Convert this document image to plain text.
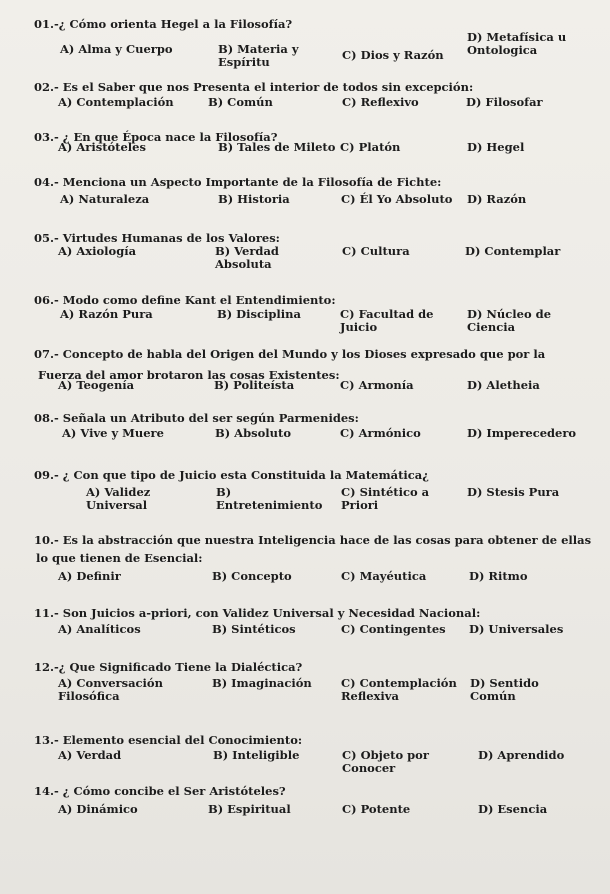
01.-¿ Cómo orienta Hegel a la Filosofía?
A) Alma y Cuerpo	B) Materia y
Espíritu	C) Dios y Razón
D) Metafísica u
Ontologica
02.- Es el Saber que nos Presenta el interior de todos sin excepción:
A) Contemplación	B) Común	C) Reflexivo	D) Filosofar
03.- ¿ En que Época nace la Filosofía?
A) Aristóteles	B) Tales de Mileto C) Platón	D) Hegel
04.- Menciona un Aspecto Importante de la Filosofía de Fichte:
A) Naturaleza	B) Historia	C) Él Yo Absoluto D) Razón
05.- Virtudes Humanas de los Valores:
A) Axiología	B) Verdad
Absoluta
C) Cultura	D) Contemplar
06.- Modo como define Kant el Entendimiento:
A) Razón Pura	B) Disciplina	C) Facultad de
Juicio
D) Núcleo de
Ciencia
07.- Concepto de habla del Origen del Mundo y los Dioses expresado que por la
Fuerza del amor brotaron las cosas Existentes:
A) Teogenía	B) Politeísta	C) Armonía	D) Aletheia
08.- Señala un Atributo del ser según Parmenides:
A) Vive y Muere	B) Absoluto	C) Armónico	D) Imperecedero
09.- ¿ Con que tipo de Juicio esta Constituida la Matemática¿
A) Validez
Universal
B)
Entretenimiento
C) Sintético a
Priori
D) Stesis Pura
10.- Es la abstracción que nuestra Inteligencia hace de las cosas para obtener de ellas
lo que tienen de Esencial:
A) Definir	B) Concepto	C) Mayéutica	D) Ritmo
11.- Son Juicios a-priori, con Validez Universal y Necesidad Nacional:
A) Analíticos	B) Sintéticos	C) Contingentes D) Universales
12.-¿ Que Significado Tiene la Dialéctica?
A) Conversación
Filosófica
B) Imaginación	C) Contemplación
Reflexiva
D) Sentido
Común
13.- Elemento esencial del Conocimiento:
A) Verdad	B) Inteligible	C) Objeto por
Conocer
D) Aprendido
14.- ¿ Cómo concibe el Ser Aristóteles?
A) Dinámico	B) Espiritual	C) Potente	D) Esencia
